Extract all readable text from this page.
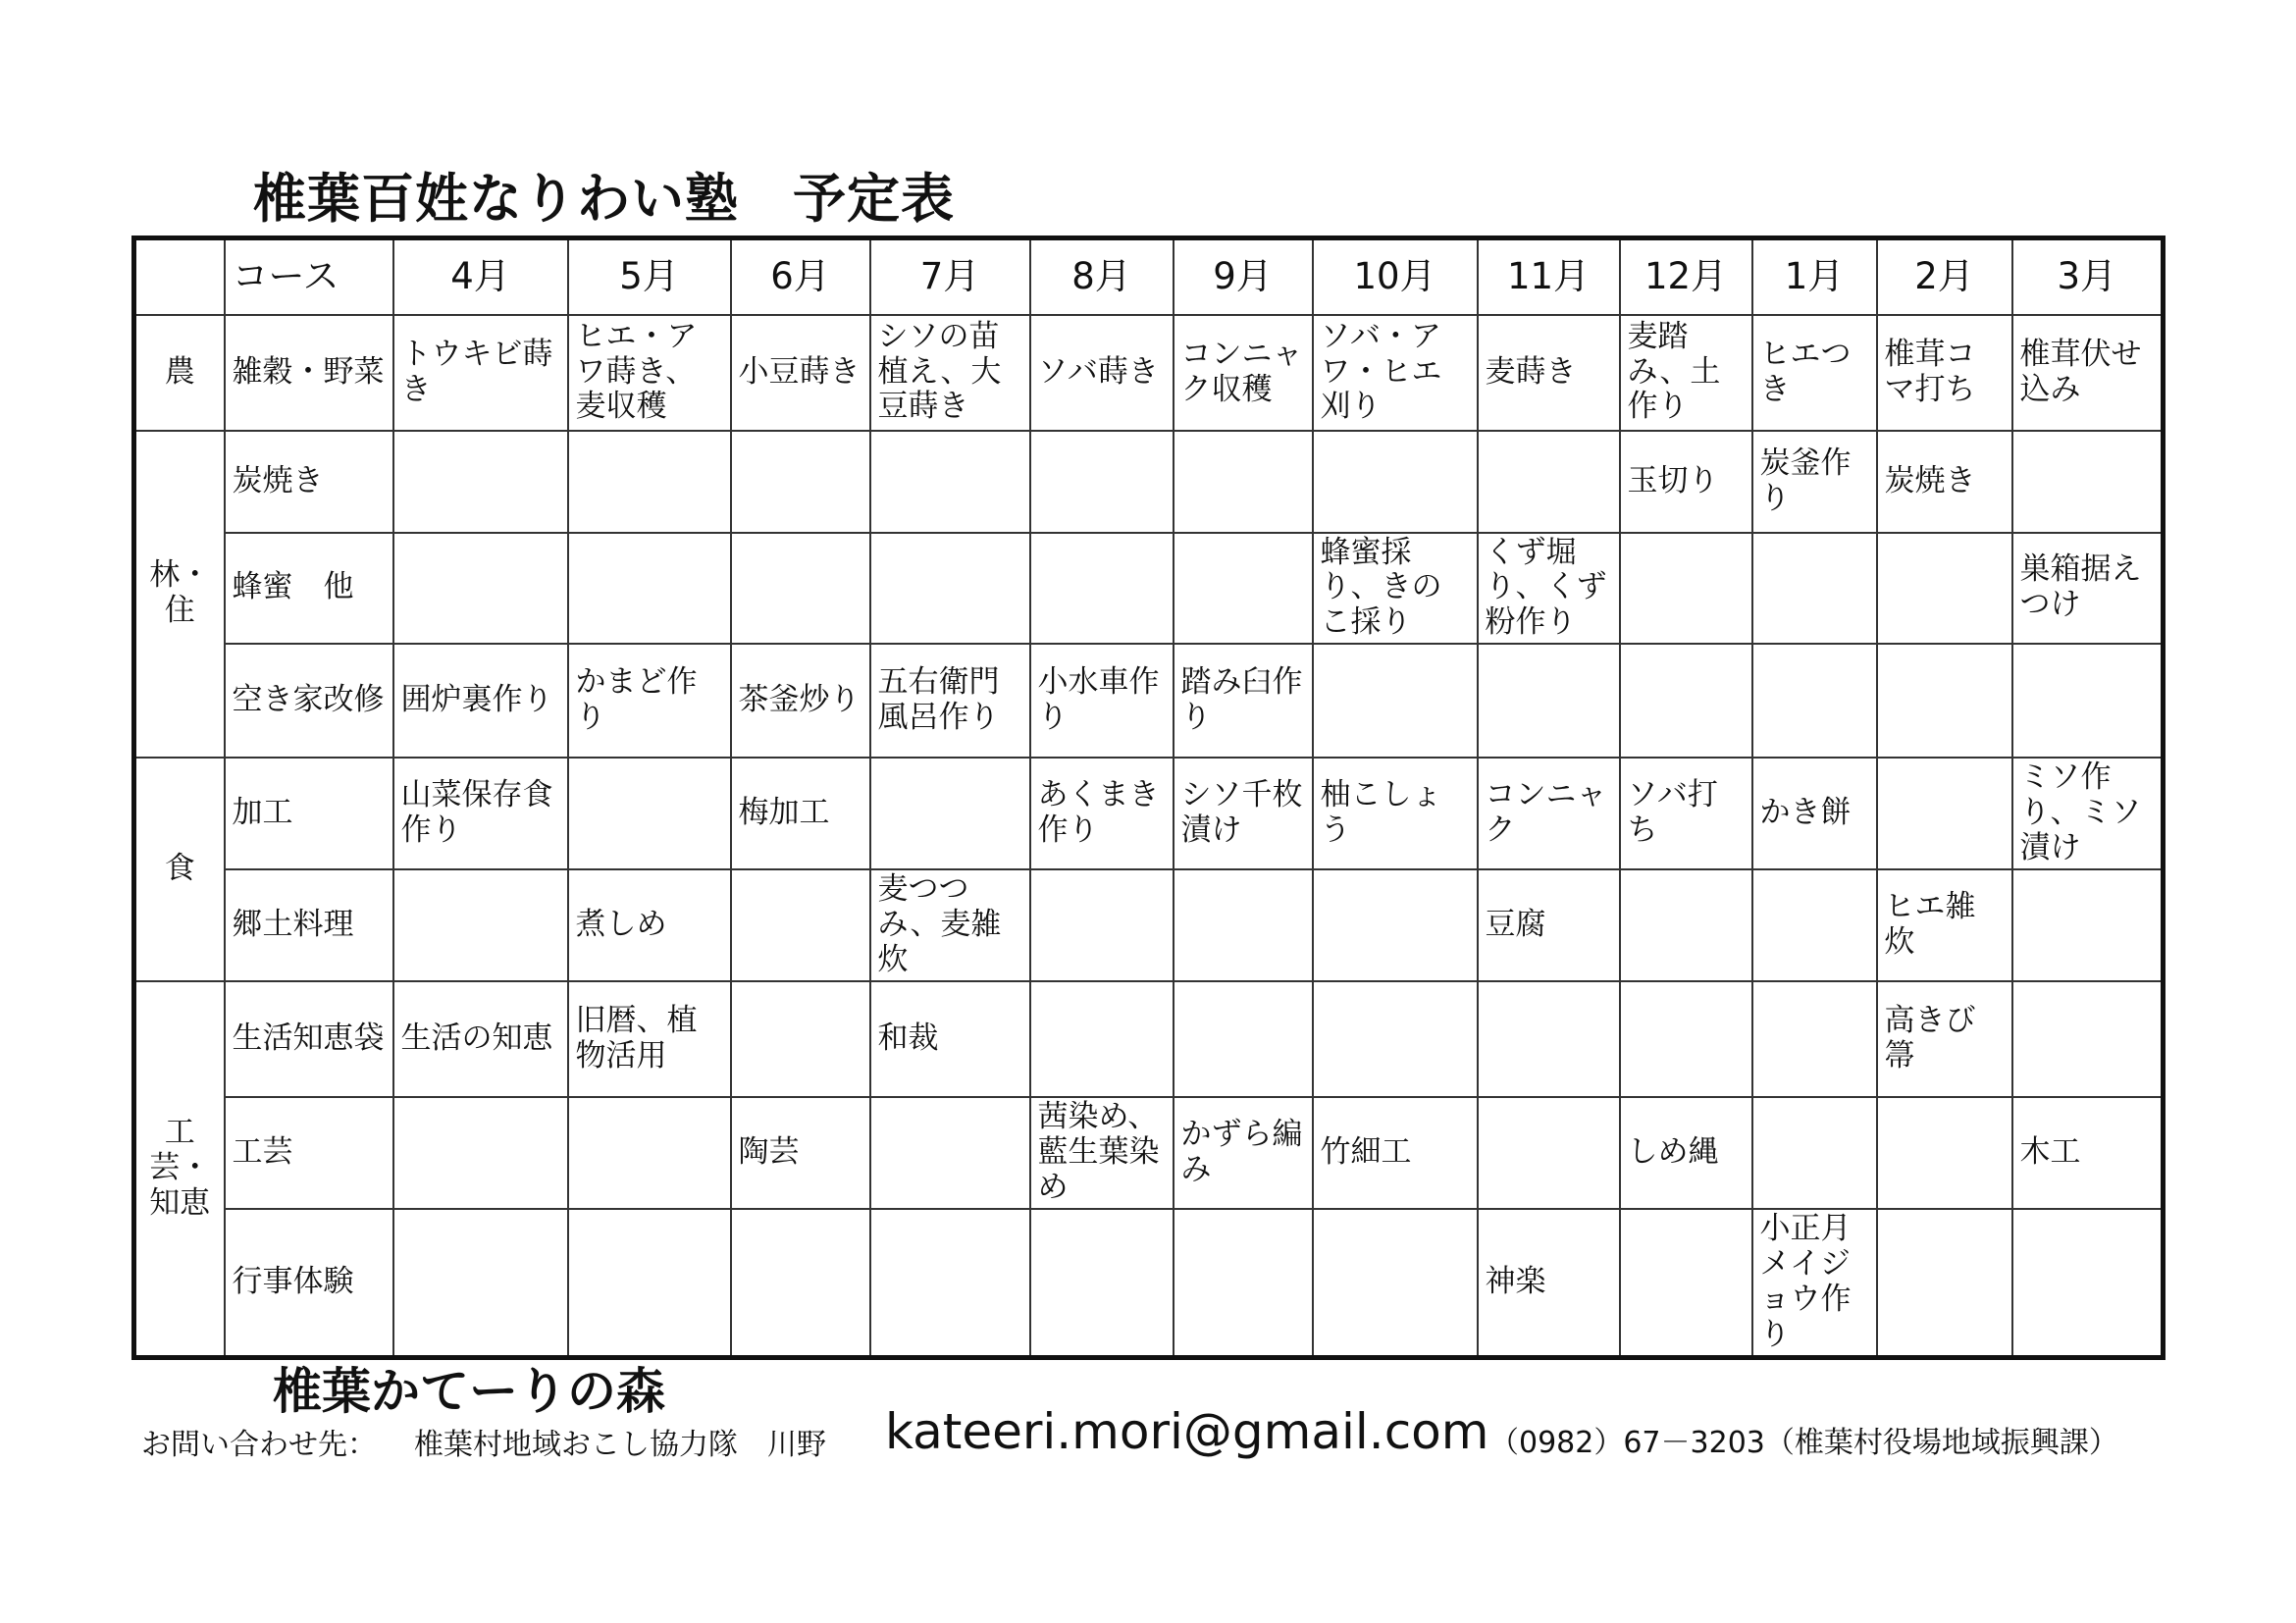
椎葉百姓なりわい塾　予定表
	コース	4月	5月	6月	7月	8月	9月	10月	11月	12月	1月	2月	3月
農	雑穀・野菜	トウキビ蒔き	ヒエ・アワ蒔き、麦収穫	小豆蒔き	シソの苗植え、大豆蒔き	ソバ蒔き	コンニャク収穫	ソバ・アワ・ヒエ刈り	麦蒔き	麦踏み、土作り	ヒエつき	椎茸コマ打ち	椎茸伏せ込み
林・住	炭焼き									玉切り	炭釜作り	炭焼き	
	蜂蜜　他							蜂蜜採り、きのこ採り	くず堀り、くず粉作り				巣箱据えつけ
	空き家改修	囲炉裏作り	かまど作り	茶釜炒り	五右衛門風呂作り	小水車作り	踏み臼作り						
食	加工	山菜保存食作り		梅加工		あくまき作り	シソ千枚漬け	柚こしょう	コンニャク	ソバ打ち	かき餅		ミソ作り、ミソ漬け
	郷土料理		煮しめ		麦つつみ、麦雑炊				豆腐			ヒエ雑炊	
工芸・知恵	生活知恵袋	生活の知恵	旧暦、植物活用		和裁							高きび箒	
	工芸			陶芸		茜染め、藍生葉染め	かずら編み	竹細工		しめ縄			木工
	行事体験								神楽		小正月メイジョウ作り		
椎葉かてーりの森
お問い合わせ先： 椎葉村地域おこし協力隊　川野 kateeri.mori@gmail.com （0982）67－3203（椎葉村役場地域振興課）
